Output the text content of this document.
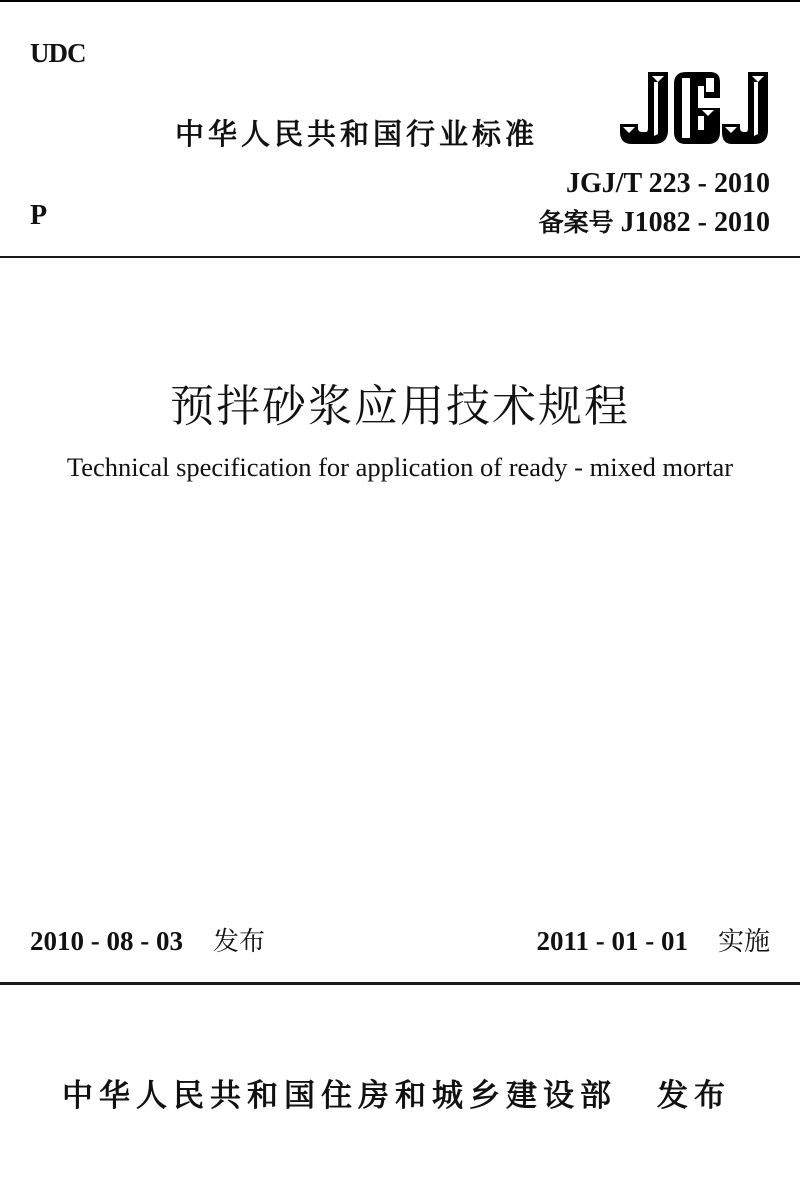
UDC
中华人民共和国行业标准
JGJ/T 223 - 2010
备案号 J1082 - 2010
P
预拌砂浆应用技术规程
Technical specification for application of ready - mixed mortar
2010 - 08 - 03 发布	2011 - 01 - 01 实施
中华人民共和国住房和城乡建设部 发布
